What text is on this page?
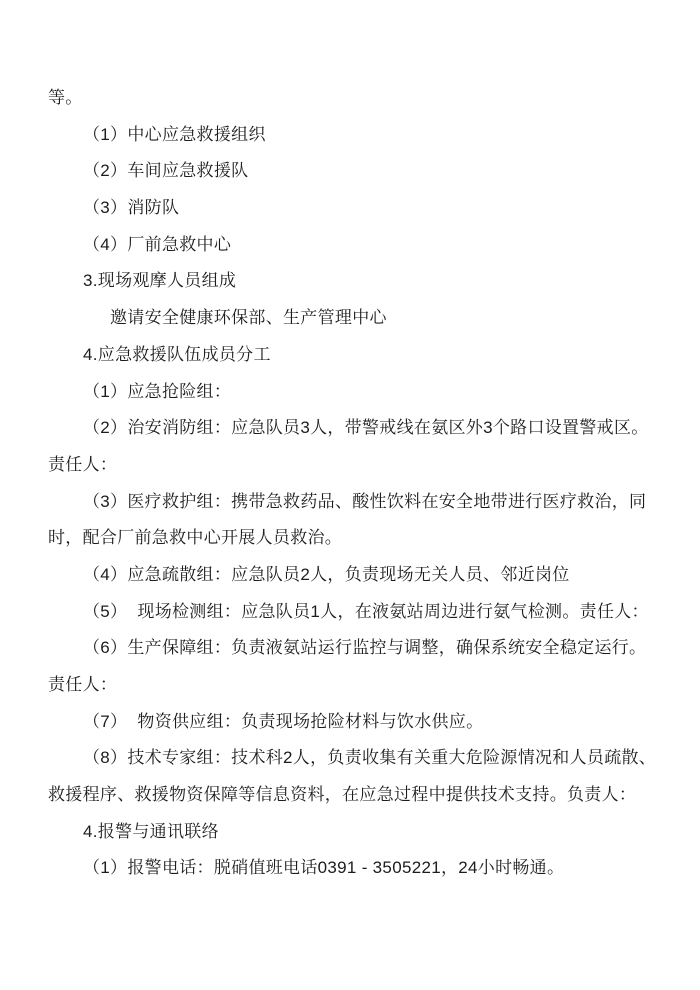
等。
（1）中心应急救援组织
（2）车间应急救援队
（3）消防队
（4）厂前急救中心
3.现场观摩人员组成
邀请安全健康环保部、生产管理中心
4.应急救援队伍成员分工
（1）应急抢险组：
（2）治安消防组：应急队员3人，带警戒线在氨区外3个路口设置警戒区。
责任人：
（3）医疗救护组：携带急救药品、酸性饮料在安全地带进行医疗救治，同
时，配合厂前急救中心开展人员救治。
（4）应急疏散组：应急队员2人，负责现场无关人员、邻近岗位
（5）  现场检测组：应急队员1人，在液氨站周边进行氨气检测。责任人：
（6）生产保障组：负责液氨站运行监控与调整，确保系统安全稳定运行。
责任人：
（7）  物资供应组：负责现场抢险材料与饮水供应。
（8）技术专家组：技术科2人，负责收集有关重大危险源情况和人员疏散、
救援程序、救援物资保障等信息资料，在应急过程中提供技术支持。负责人：
4.报警与通讯联络
（1）报警电话：脱硝值班电话0391 - 3505221，24小时畅通。
